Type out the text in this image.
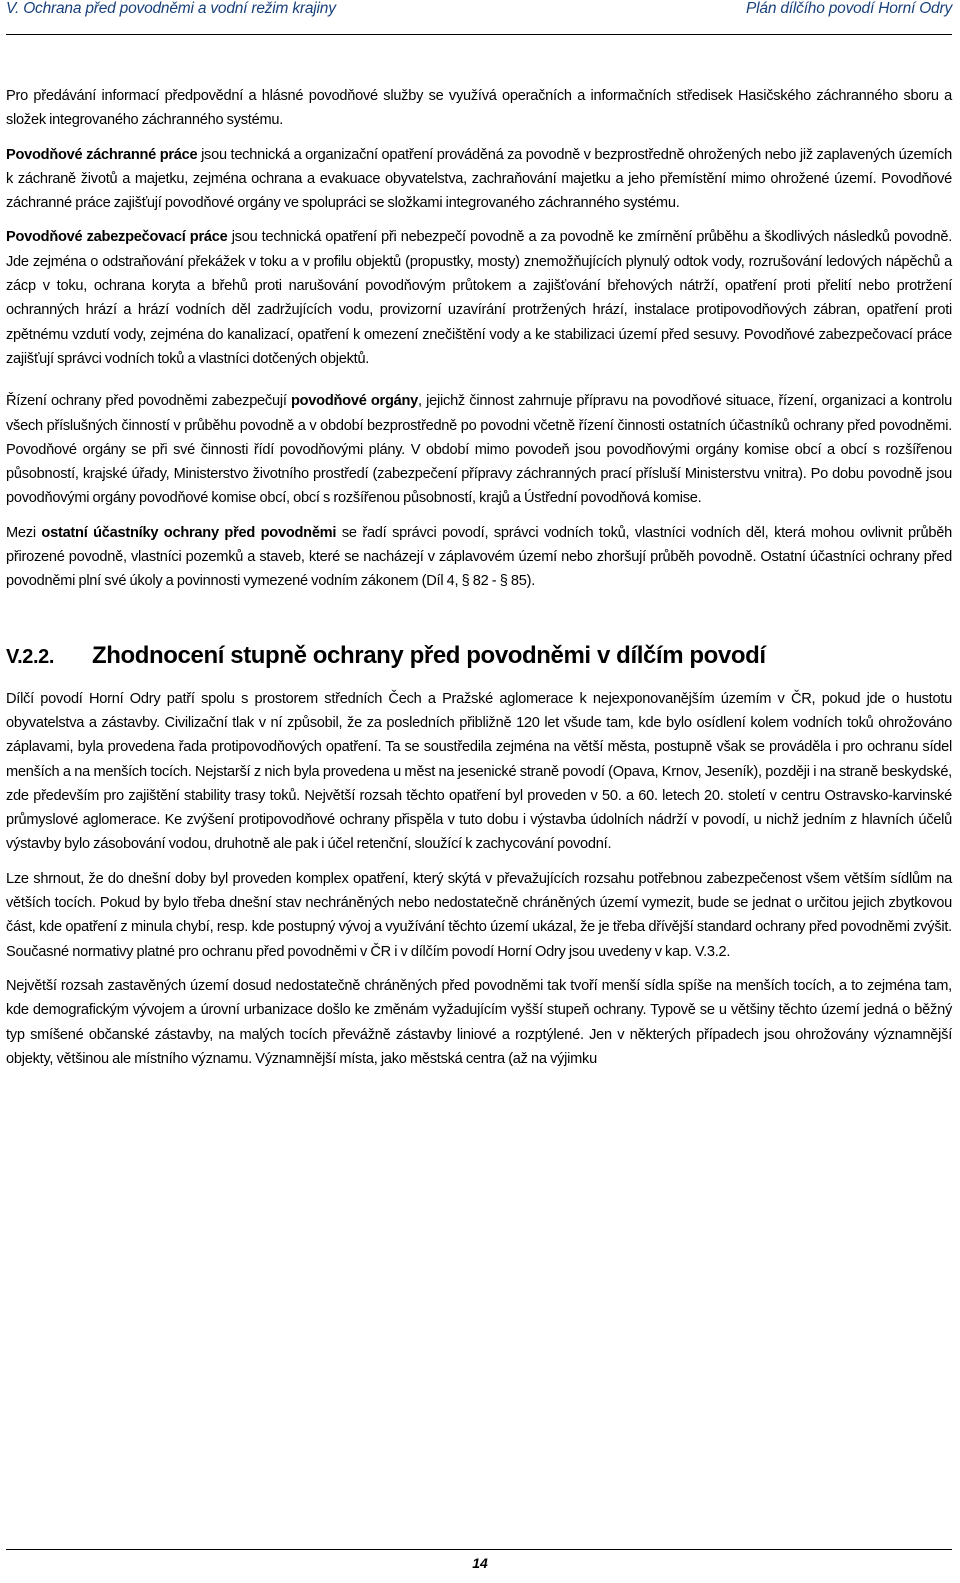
V. Ochrana před povodněmi a vodní režim krajiny	Plán dílčího povodí Horní Odry

Pro předávání informací předpovědní a hlásné povodňové služby se využívá operačních a informačních středisek Hasičského záchranného sboru a složek integrovaného záchranného systému.

Povodňové záchranné práce jsou technická a organizační opatření prováděná za povodně v bezprostředně ohrožených nebo již zaplavených územích k záchraně životů a majetku, zejména ochrana a evakuace obyvatelstva, zachraňování majetku a jeho přemístění mimo ohrožené území. Povodňové záchranné práce zajišťují povodňové orgány ve spolupráci se složkami integrovaného záchranného systému.

Povodňové zabezpečovací práce jsou technická opatření při nebezpečí povodně a za povodně ke zmírnění průběhu a škodlivých následků povodně. Jde zejména o odstraňování překážek v toku a v profilu objektů (propustky, mosty) znemožňujících plynulý odtok vody, rozrušování ledových nápěchů a zácp v toku, ochrana koryta a břehů proti narušování povodňovým průtokem a zajišťování břehových nátrží, opatření proti přelití nebo protržení ochranných hrází a hrází vodních děl zadržujících vodu, provizorní uzavírání protržených hrází, instalace protipovodňových zábran, opatření proti zpětnému vzdutí vody, zejména do kanalizací, opatření k omezení znečištění vody a ke stabilizaci území před sesuvy. Povodňové zabezpečovací práce zajišťují správci vodních toků a vlastníci dotčených objektů.

Řízení ochrany před povodněmi zabezpečují povodňové orgány, jejichž činnost zahrnuje přípravu na povodňové situace, řízení, organizaci a kontrolu všech příslušných činností v průběhu povodně a v období bezprostředně po povodni včetně řízení činnosti ostatních účastníků ochrany před povodněmi. Povodňové orgány se při své činnosti řídí povodňovými plány. V období mimo povodeň jsou povodňovými orgány komise obcí a obcí s rozšířenou působností, krajské úřady, Ministerstvo životního prostředí (zabezpečení přípravy záchranných prací přísluší Ministerstvu vnitra). Po dobu povodně jsou povodňovými orgány povodňové komise obcí, obcí s rozšířenou působností, krajů a Ústřední povodňová komise.

Mezi ostatní účastníky ochrany před povodněmi se řadí správci povodí, správci vodních toků, vlastníci vodních děl, která mohou ovlivnit průběh přirozené povodně, vlastníci pozemků a staveb, které se nacházejí v záplavovém území nebo zhoršují průběh povodně. Ostatní účastníci ochrany před povodněmi plní své úkoly a povinnosti vymezené vodním zákonem (Díl 4, § 82 - § 85).

V.2.2. Zhodnocení stupně ochrany před povodněmi v dílčím povodí

Dílčí povodí Horní Odry patří spolu s prostorem středních Čech a Pražské aglomerace k nejexponovanějším územím v ČR, pokud jde o hustotu obyvatelstva a zástavby. Civilizační tlak v ní způsobil, že za posledních přibližně 120 let všude tam, kde bylo osídlení kolem vodních toků ohrožováno záplavami, byla provedena řada protipovodňových opatření. Ta se soustředila zejména na větší města, postupně však se prováděla i pro ochranu sídel menších a na menších tocích. Nejstarší z nich byla provedena u měst na jesenické straně povodí (Opava, Krnov, Jeseník), později i na straně beskydské, zde především pro zajištění stability trasy toků. Největší rozsah těchto opatření byl proveden v 50. a 60. letech 20. století v centru Ostravsko-karvinské průmyslové aglomerace. Ke zvýšení protipovodňové ochrany přispěla v tuto dobu i výstavba údolních nádrží v povodí, u nichž jedním z hlavních účelů výstavby bylo zásobování vodou, druhotně ale pak i účel retenční, sloužící k zachycování povodní.

Lze shrnout, že do dnešní doby byl proveden komplex opatření, který skýtá v převažujících rozsahu potřebnou zabezpečenost všem větším sídlům na větších tocích. Pokud by bylo třeba dnešní stav nechráněných nebo nedostatečně chráněných území vymezit, bude se jednat o určitou jejich zbytkovou část, kde opatření z minula chybí, resp. kde postupný vývoj a využívání těchto území ukázal, že je třeba dřívější standard ochrany před povodněmi zvýšit. Současné normativy platné pro ochranu před povodněmi v ČR i v dílčím povodí Horní Odry jsou uvedeny v kap. V.3.2.

Největší rozsah zastavěných území dosud nedostatečně chráněných před povodněmi tak tvoří menší sídla spíše na menších tocích, a to zejména tam, kde demografickým vývojem a úrovní urbanizace došlo ke změnám vyžadujícím vyšší stupeň ochrany. Typově se u většiny těchto území jedná o běžný typ smíšené občanské zástavby, na malých tocích převážně zástavby liniové a rozptýlené. Jen v některých případech jsou ohrožovány významnější objekty, většinou ale místního významu. Významnější místa, jako městská centra (až na výjimku

14
